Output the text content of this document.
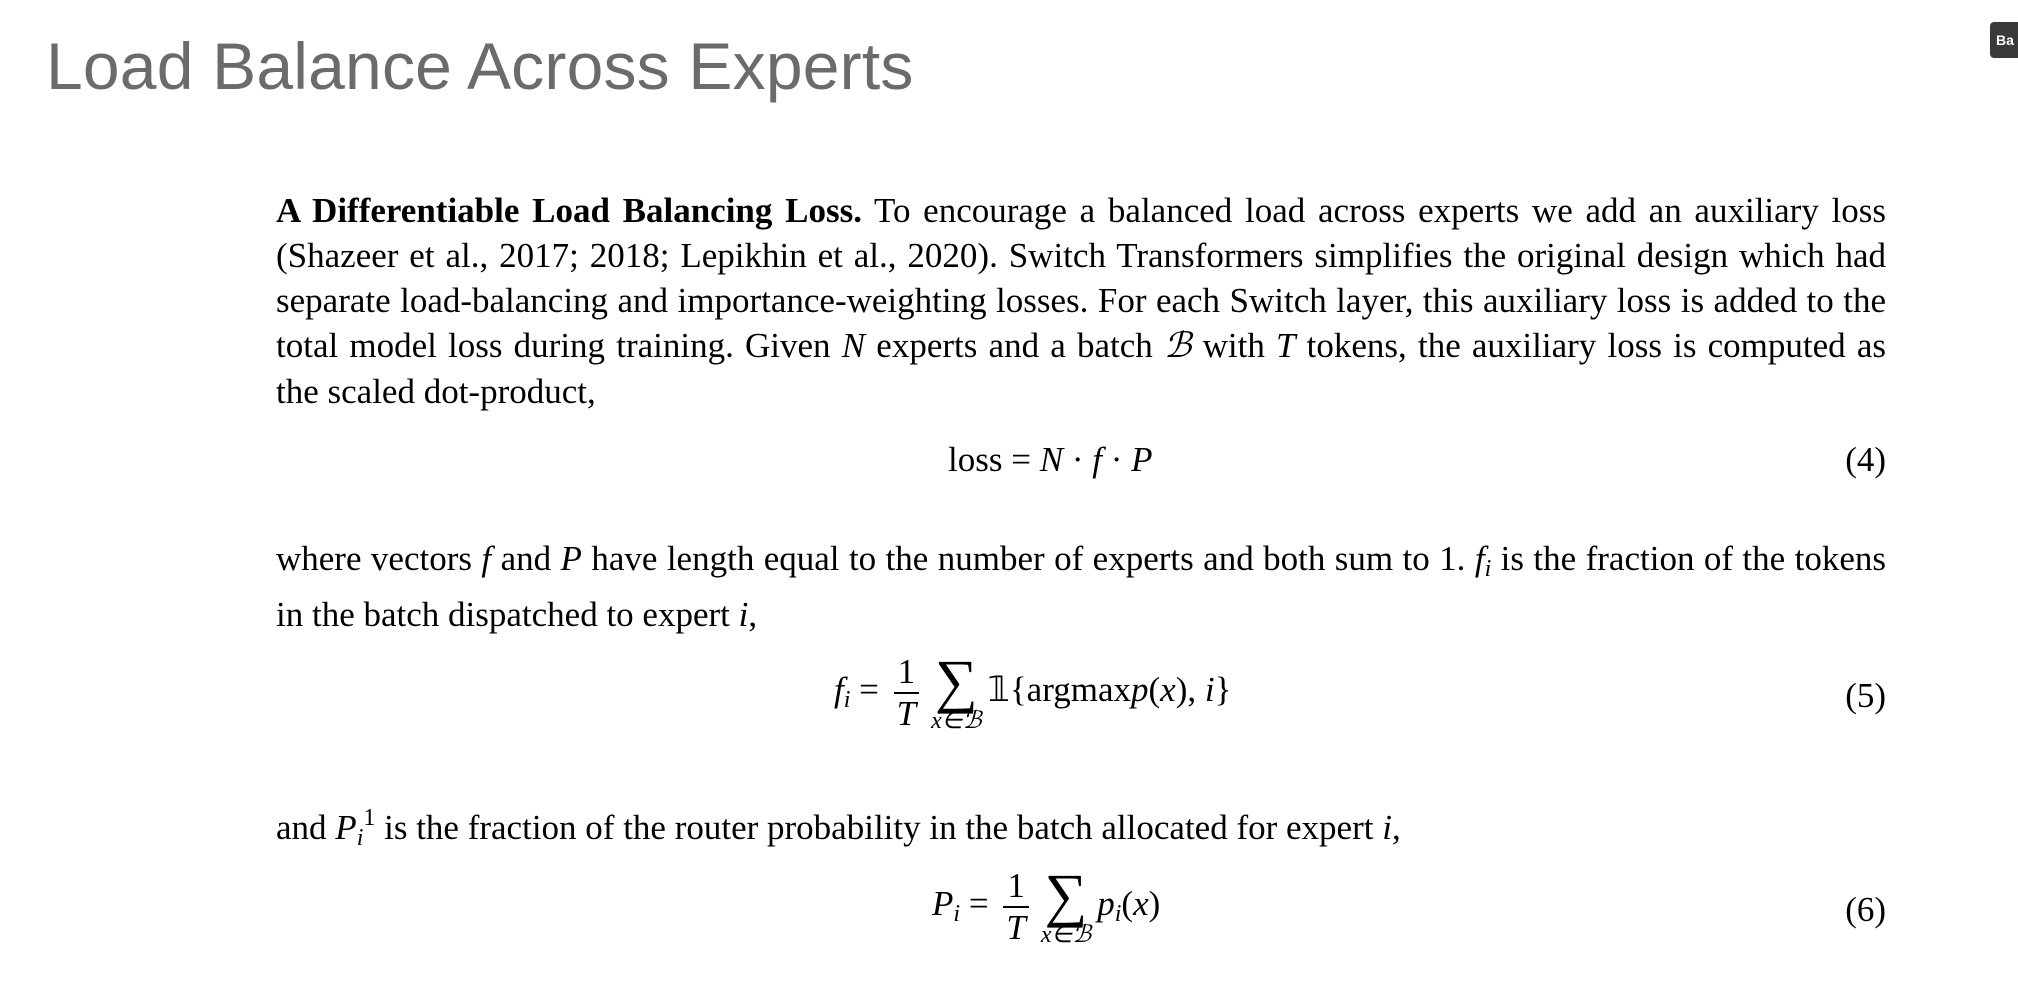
Load Balance Across Experts	Ba
A Differentiable Load Balancing Loss. To encourage a balanced load across experts we add an auxiliary loss (Shazeer et al., 2017; 2018; Lepikhin et al., 2020). Switch Transformers simplifies the original design which had separate load-balancing and importance-weighting losses. For each Switch layer, this auxiliary loss is added to the total model loss during training. Given N experts and a batch ℬ with T tokens, the auxiliary loss is computed as the scaled dot-product,
loss = N · f · P	(4)
where vectors f and P have length equal to the number of experts and both sum to 1. $f_i$ is the fraction of the tokens in the batch dispatched to expert i,
$f_i = \frac{1}{T}$ ∑
x∈ℬ
𝟙{argmaxp(x), i}	(5)
and $P_i^1$ is the fraction of the router probability in the batch allocated for expert i,
$P_i = \frac{1}{T}$ ∑
x∈ℬ
$p_i(x)$	(6)
